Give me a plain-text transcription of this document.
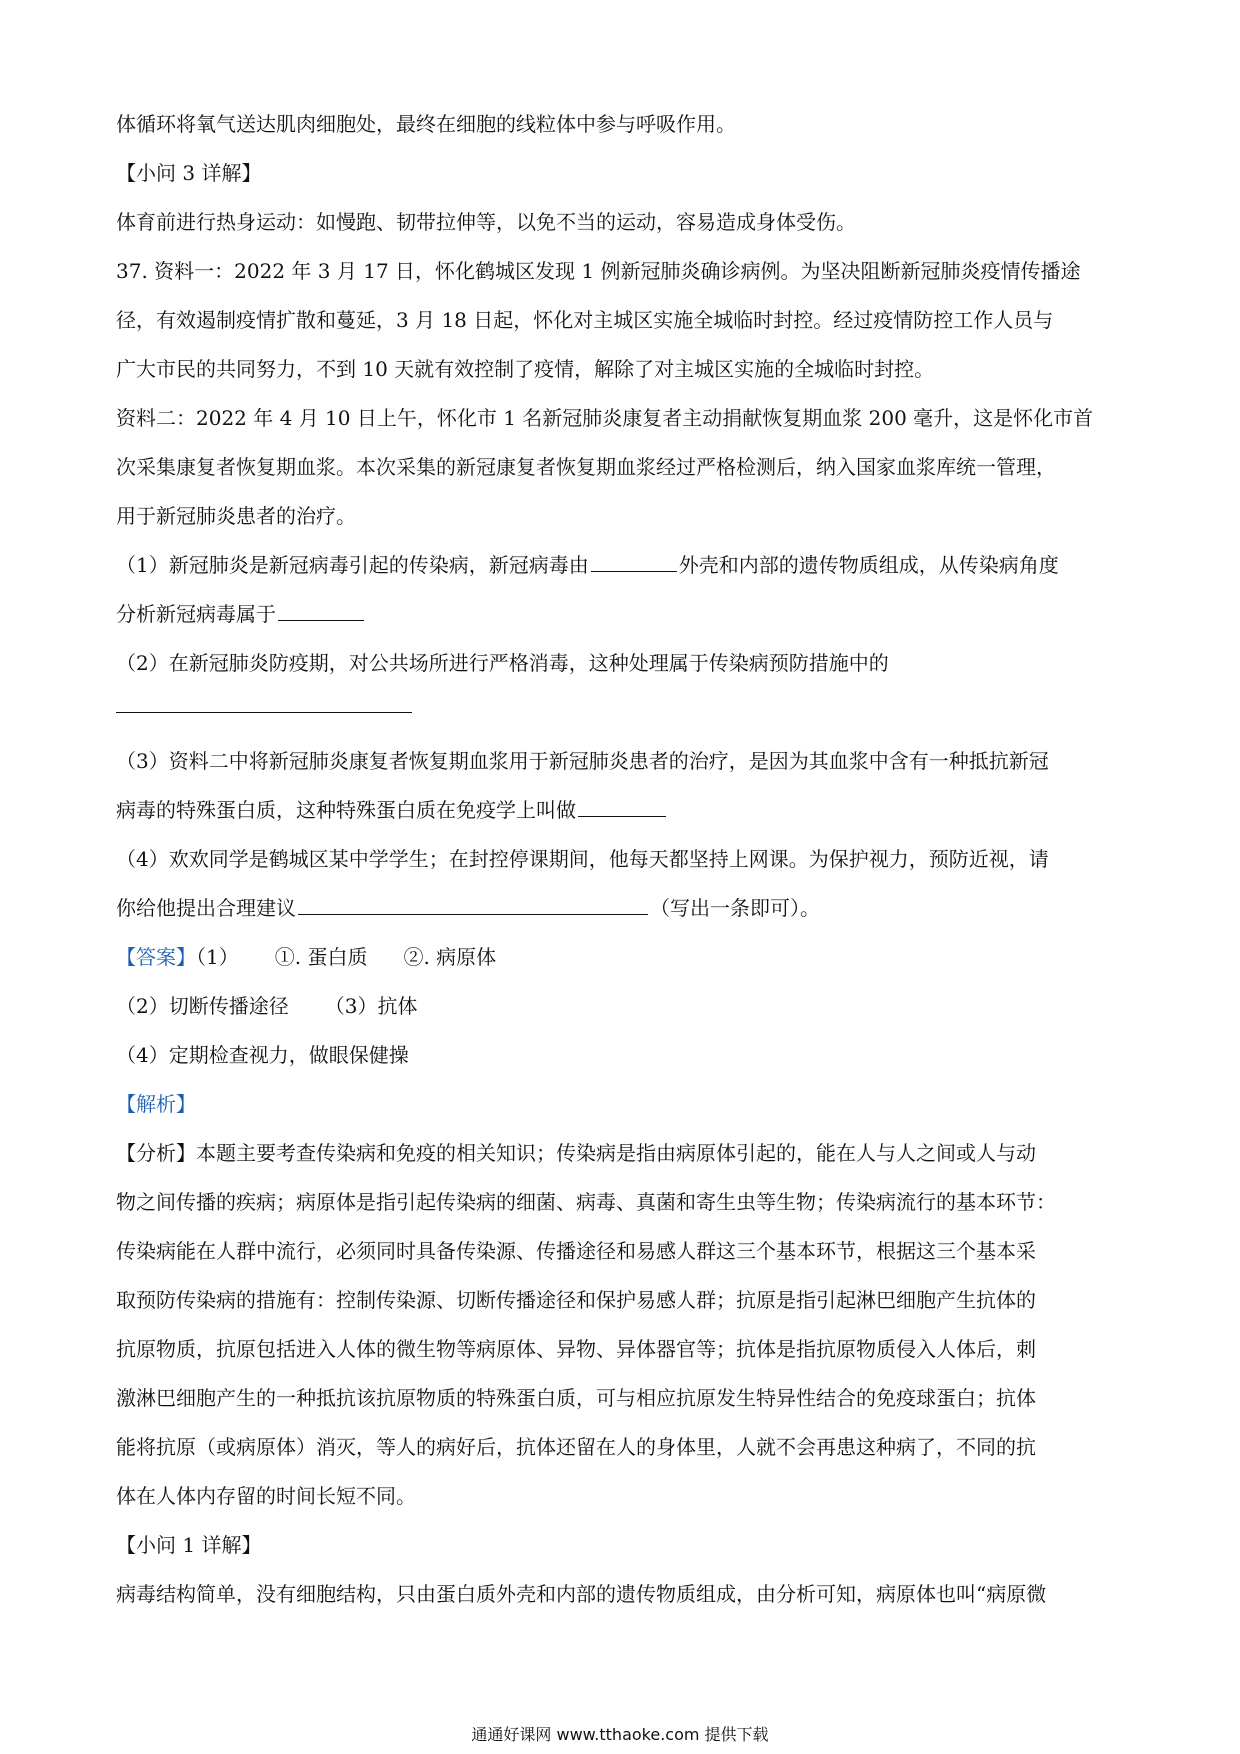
体循环将氧气送达肌肉细胞处，最终在细胞的线粒体中参与呼吸作用。
【小问 3 详解】
体育前进行热身运动：如慢跑、韧带拉伸等，以免不当的运动，容易造成身体受伤。
37. 资料一：2022 年 3 月 17 日，怀化鹤城区发现 1 例新冠肺炎确诊病例。为坚决阻断新冠肺炎疫情传播途
径，有效遏制疫情扩散和蔓延，3 月 18 日起，怀化对主城区实施全城临时封控。经过疫情防控工作人员与
广大市民的共同努力，不到 10 天就有效控制了疫情，解除了对主城区实施的全城临时封控。
资料二：2022 年 4 月 10 日上午，怀化市 1 名新冠肺炎康复者主动捐献恢复期血浆 200 毫升，这是怀化市首
次采集康复者恢复期血浆。本次采集的新冠康复者恢复期血浆经过严格检测后，纳入国家血浆库统一管理，
用于新冠肺炎患者的治疗。
（1）新冠肺炎是新冠病毒引起的传染病，新冠病毒由	外壳和内部的遗传物质组成，从传染病角度
分析新冠病毒属于
（2）在新冠肺炎防疫期，对公共场所进行严格消毒，这种处理属于传染病预防措施中的
（3）资料二中将新冠肺炎康复者恢复期血浆用于新冠肺炎患者的治疗，是因为其血浆中含有一种抵抗新冠
病毒的特殊蛋白质，这种特殊蛋白质在免疫学上叫做
（4）欢欢同学是鹤城区某中学学生；在封控停课期间，他每天都坚持上网课。为保护视力，预防近视，请
你给他提出合理建议	（写出一条即可）。
【答案】（1） ①. 蛋白质 ②. 病原体
（2）切断传播途径 （3）抗体
（4）定期检查视力，做眼保健操
【解析】
【分析】本题主要考查传染病和免疫的相关知识；传染病是指由病原体引起的，能在人与人之间或人与动
物之间传播的疾病；病原体是指引起传染病的细菌、病毒、真菌和寄生虫等生物；传染病流行的基本环节：
传染病能在人群中流行，必须同时具备传染源、传播途径和易感人群这三个基本环节，根据这三个基本采
取预防传染病的措施有：控制传染源、切断传播途径和保护易感人群；抗原是指引起淋巴细胞产生抗体的
抗原物质，抗原包括进入人体的微生物等病原体、异物、异体器官等；抗体是指抗原物质侵入人体后，刺
激淋巴细胞产生的一种抵抗该抗原物质的特殊蛋白质，可与相应抗原发生特异性结合的免疫球蛋白；抗体
能将抗原（或病原体）消灭，等人的病好后，抗体还留在人的身体里，人就不会再患这种病了，不同的抗
体在人体内存留的时间长短不同。
【小问 1 详解】
病毒结构简单，没有细胞结构，只由蛋白质外壳和内部的遗传物质组成，由分析可知，病原体也叫“病原微
通通好课网 www.tthaoke.com 提供下载
